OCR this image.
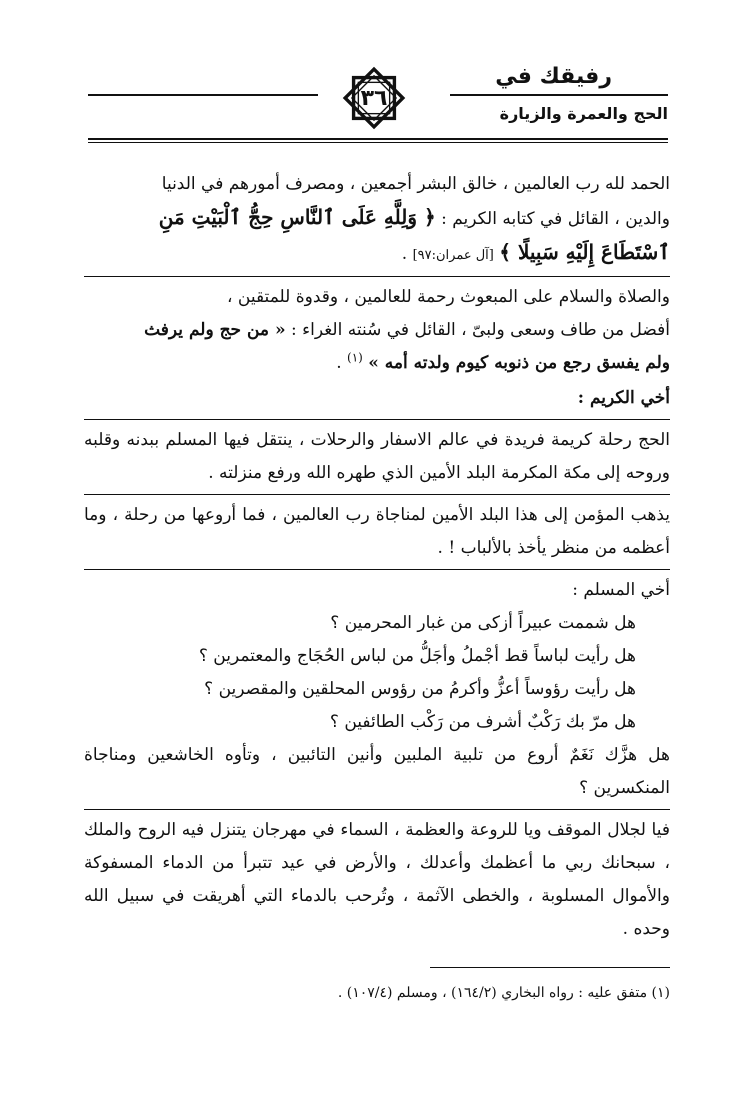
رفيقك في
الحج والعمرة والزيارة
٣٦

الحمد لله رب العالمين ، خالق البشر أجمعين ، ومصرف أمورهم في الدنيا
والدين ، القائل في كتابه الكريم : ﴿ وَلِلَّهِ عَلَى ٱلنَّاسِ حِجُّ ٱلْبَيْتِ مَنِ
ٱسْتَطَاعَ إِلَيْهِ سَبِيلًا ﴾ [آل عمران:٩٧] .

والصلاة والسلام على المبعوث رحمة للعالمين ، وقدوة للمتقين ،
أفضل من طاف وسعى ولبىّ ، القائل في سُنته الغراء : « من حج ولم يرفث
ولم يفسق رجع من ذنوبه كيوم ولدته أمه » $^{(١)}$ .

أخي الكريم :

الحج رحلة كريمة فريدة في عالم الاسفار والرحلات ، ينتقل فيها المسلم ببدنه وقلبه وروحه إلى مكة المكرمة البلد الأمين الذي طهره الله ورفع منزلته .

يذهب المؤمن إلى هذا البلد الأمين لمناجاة رب العالمين ، فما أروعها من رحلة ، وما أعظمه من منظر يأخذ بالألباب ! .

أخي المسلم :

هل شممت عبيراً أزكى من غبار المحرمين ؟

هل رأيت لباساً قط أجْملُ وأجَلُّ من لباس الحُجَاج والمعتمرين ؟

هل رأيت رؤوساً أعزُّ وأكرمُ من رؤوس المحلقين والمقصرين ؟

هل مرّ بك رَكْبٌ أشرف من رَكْب الطائفين ؟

هل هزَّك نَغَمٌ أروع من تلبية الملبين وأنين التائبين ، وتأوه الخاشعين ومناجاة المنكسرين ؟

فيا لجلال الموقف ويا للروعة والعظمة ، السماء في مهرجان يتنزل فيه الروح والملك ، سبحانك ربي ما أعظمك وأعدلك ، والأرض في عيد تتبرأ من الدماء المسفوكة والأموال المسلوبة ، والخطى الآثمة ، وتُرحب بالدماء التي أهريقت في سبيل الله وحده .

(١) متفق عليه : رواه البخاري (١٦٤/٢) ، ومسلم (١٠٧/٤) .
